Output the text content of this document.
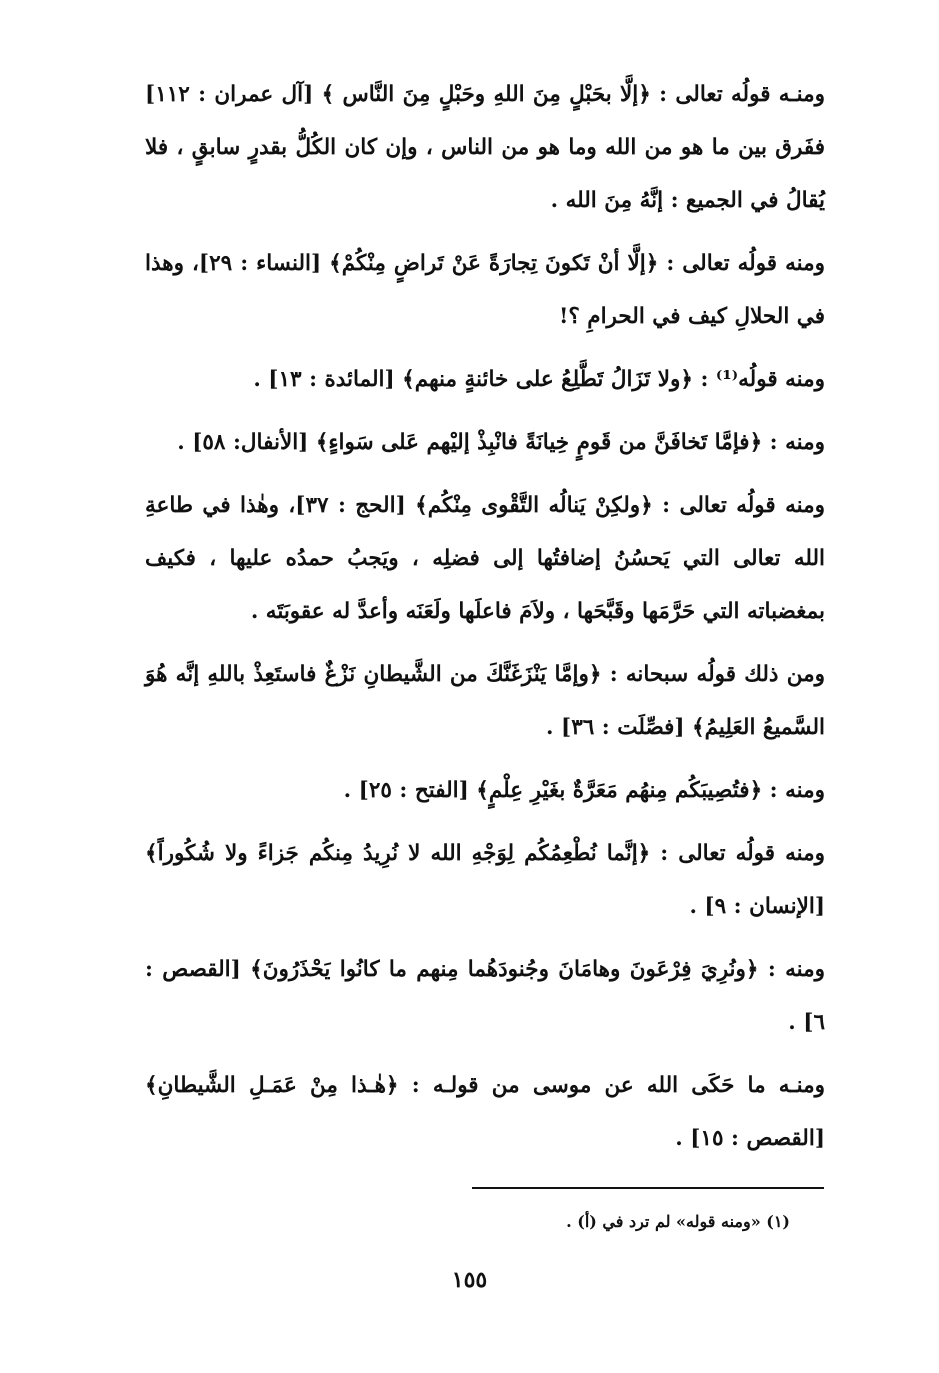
ومنـه قولُه تعالى : ﴿إلَّا بحَبْلٍ مِنَ اللهِ وحَبْلٍ مِنَ النَّاس ﴾ [آل عمران : ١١٢] ففَرق بين ما هو من الله وما هو من الناس ، وإن كان الكُلُّ بقدرٍ سابقٍ ، فلا يُقالُ في الجميع : إنَّهُ مِنَ الله .

ومنه قولُه تعالى : ﴿إلَّا أنْ تَكونَ تِجارَةً عَنْ تَراضٍ مِنْكُمْ﴾ [النساء : ٢٩]، وهذا في الحلالِ كيف في الحرامِ ؟!

ومنه قولُه⁽¹⁾ : ﴿ولا تَزَالُ تَطَّلِعُ على خائنةٍ منهم﴾ [المائدة : ١٣] .

ومنه : ﴿فإمَّا تَخافَنَّ من قَومٍ خِيانَةً فانْبِذْ إليْهم عَلى سَواءٍ﴾ [الأنفال: ٥٨] .

ومنه قولُه تعالى : ﴿ولكِنْ يَنالُه التَّقْوى مِنْكُم﴾ [الحج : ٣٧]، وهٰذا في طاعةِ الله تعالى التي يَحسُنُ إضافتُها إلى فضلِه ، ويَجبُ حمدُه عليها ، فكيف بمغضباته التي حَرَّمَها وقَبَّحَها ، ولاَمَ فاعلَها ولَعَنَه وأعدَّ له عقوبَتَه .

ومن ذلك قولُه سبحانه : ﴿وإمَّا يَنْزَغَنَّكَ من الشَّيطانِ نَزْغٌ فاستَعِذْ باللهِ إنَّه هُوَ السَّميعُ العَلِيمُ﴾ [فصِّلَت : ٣٦] .

ومنه : ﴿فتُصِيبَكُم مِنهُم مَعَرَّةٌ بغَيْرِ عِلْمٍ﴾ [الفتح : ٢٥] .

ومنه قولُه تعالى : ﴿إنَّما نُطْعِمُكُم لِوَجْهِ الله لا نُرِيدُ مِنكُم جَزاءً ولا شُكُوراً﴾ [الإنسان : ٩] .

ومنه : ﴿ونُرِيَ فِرْعَونَ وهامَانَ وجُنودَهُما مِنهم ما كانُوا يَحْذَرُونَ﴾ [القصص : ٦] .

ومنـه ما حَكَى الله عن موسى من قولـه : ﴿هٰـذا مِنْ عَمَـلِ الشَّيطانِ﴾ [القصص : ١٥] .

(١) «ومنه قوله» لم ترد في (أ) .
١٥٥
